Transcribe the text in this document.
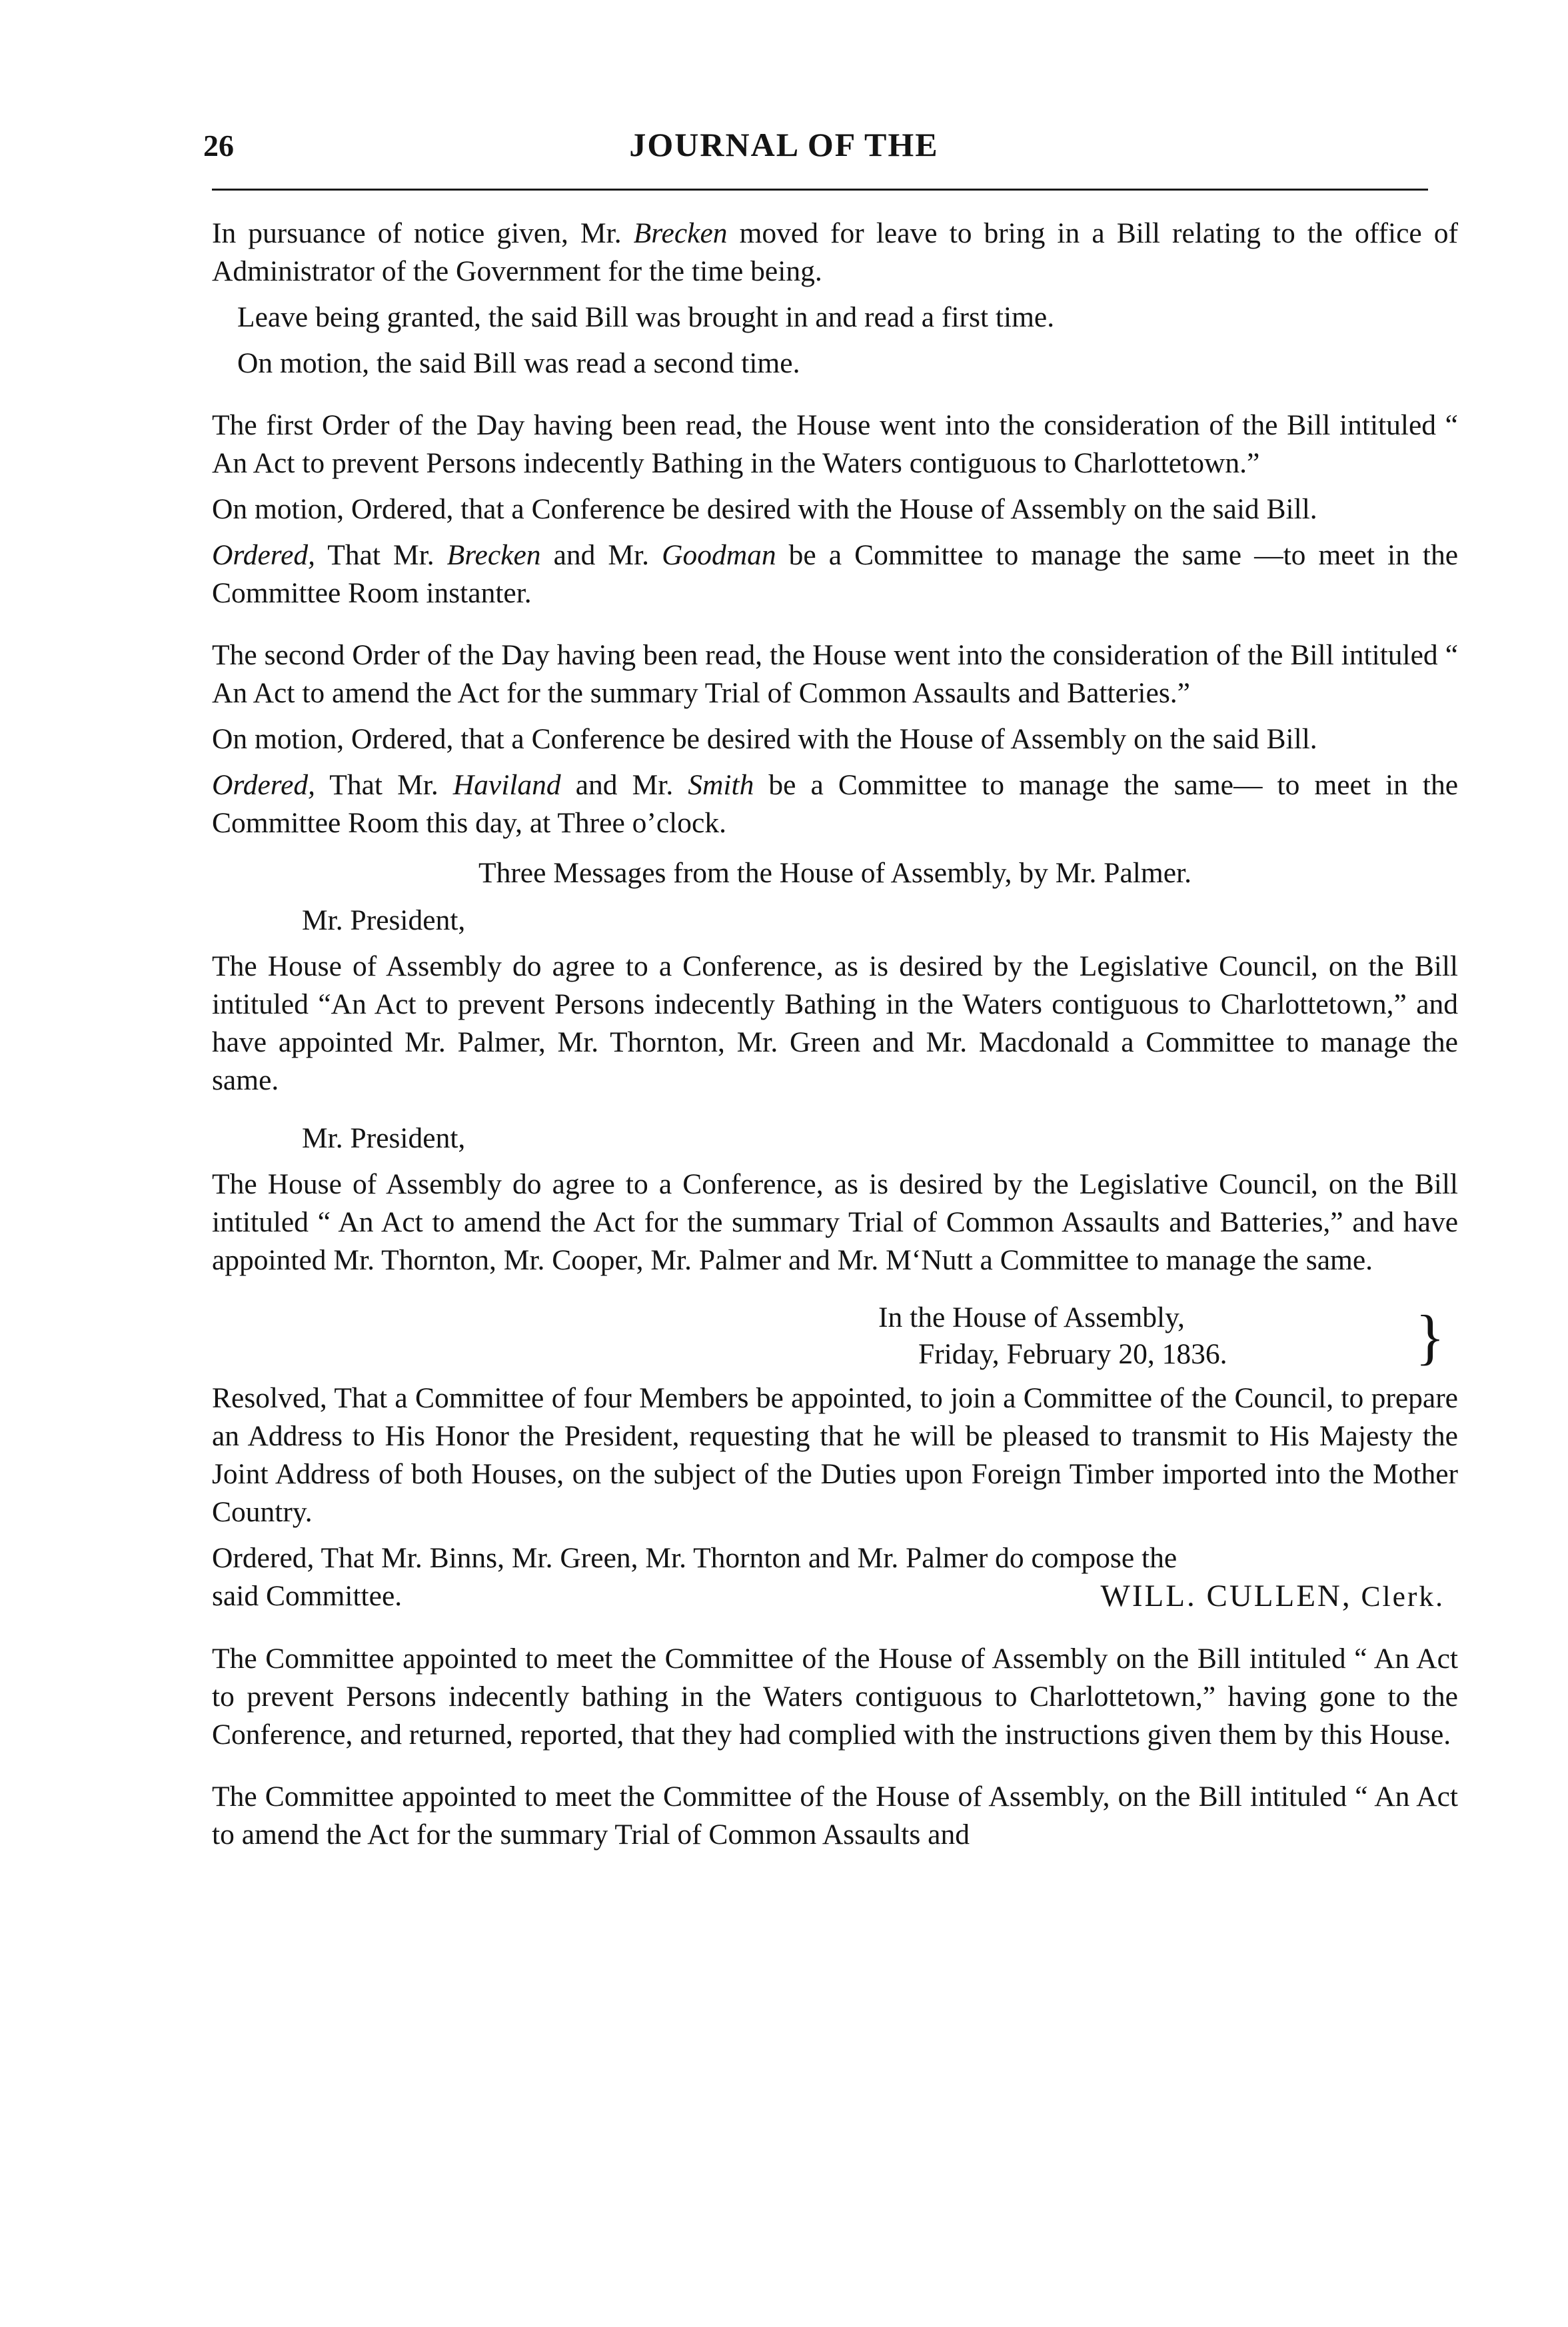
26	JOURNAL OF THE

In pursuance of notice given, Mr. Brecken moved for leave to bring in a Bill relating to the office of Administrator of the Government for the time being.

Leave being granted, the said Bill was brought in and read a first time.

On motion, the said Bill was read a second time.

The first Order of the Day having been read, the House went into the consideration of the Bill intituled “ An Act to prevent Persons indecently Bathing in the Waters contiguous to Charlottetown.”

On motion, Ordered, that a Conference be desired with the House of Assembly on the said Bill.

Ordered, That Mr. Brecken and Mr. Goodman be a Committee to manage the same —to meet in the Committee Room instanter.

The second Order of the Day having been read, the House went into the consideration of the Bill intituled “ An Act to amend the Act for the summary Trial of Common Assaults and Batteries.”

On motion, Ordered, that a Conference be desired with the House of Assembly on the said Bill.

Ordered, That Mr. Haviland and Mr. Smith be a Committee to manage the same— to meet in the Committee Room this day, at Three o’clock.

Three Messages from the House of Assembly, by Mr. Palmer.

Mr. President,

The House of Assembly do agree to a Conference, as is desired by the Legislative Council, on the Bill intituled “An Act to prevent Persons indecently Bathing in the Waters contiguous to Charlottetown,” and have appointed Mr. Palmer, Mr. Thornton, Mr. Green and Mr. Macdonald a Committee to manage the same.

Mr. President,

The House of Assembly do agree to a Conference, as is desired by the Legislative Council, on the Bill intituled “ An Act to amend the Act for the summary Trial of Common Assaults and Batteries,” and have appointed Mr. Thornton, Mr. Cooper, Mr. Palmer and Mr. M‘Nutt a Committee to manage the same.

In the House of Assembly,
Friday, February 20, 1836.	}

Resolved, That a Committee of four Members be appointed, to join a Committee of the Council, to prepare an Address to His Honor the President, requesting that he will be pleased to transmit to His Majesty the Joint Address of both Houses, on the subject of the Duties upon Foreign Timber imported into the Mother Country.

Ordered, That Mr. Binns, Mr. Green, Mr. Thornton and Mr. Palmer do compose the

said Committee.	WILL. CULLEN, Clerk.

The Committee appointed to meet the Committee of the House of Assembly on the Bill intituled “ An Act to prevent Persons indecently bathing in the Waters contiguous to Charlottetown,” having gone to the Conference, and returned, reported, that they had complied with the instructions given them by this House.

The Committee appointed to meet the Committee of the House of Assembly, on the Bill intituled “ An Act to amend the Act for the summary Trial of Common Assaults and
